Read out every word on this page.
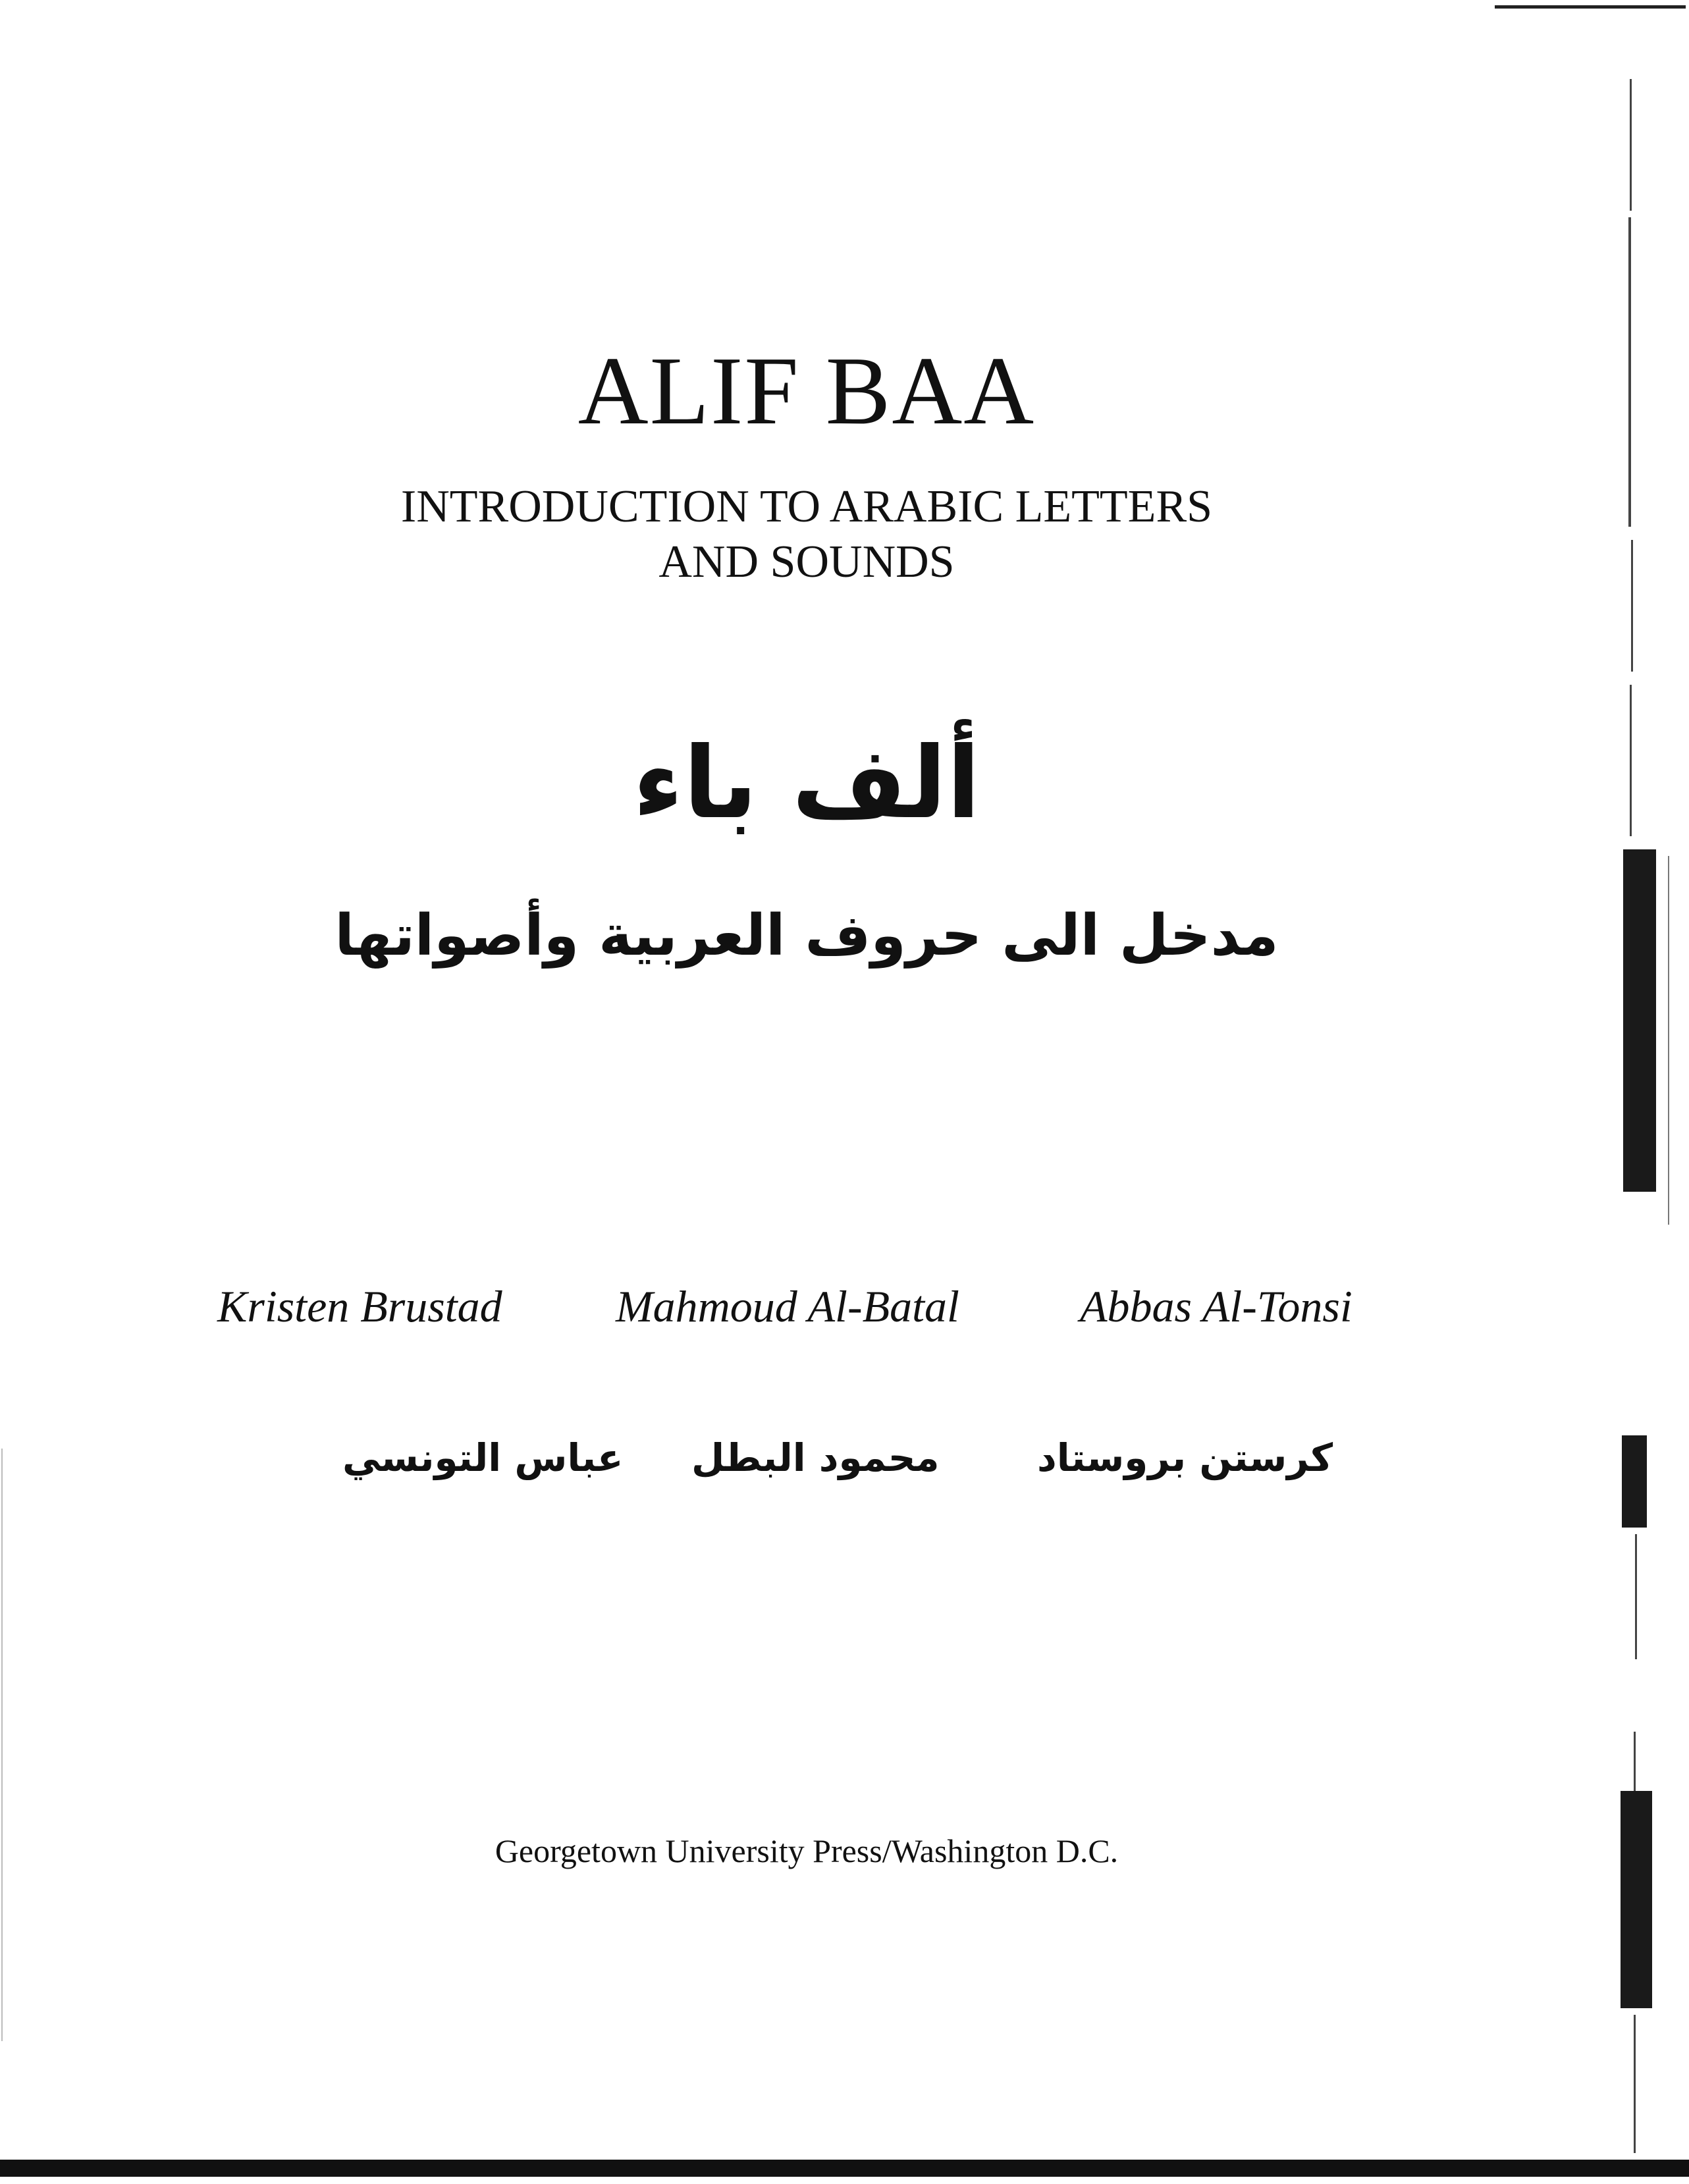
ALIF BAA
INTRODUCTION TO ARABIC LETTERS
AND SOUNDS
ألف باء
مدخل الى حروف العربية وأصواتها
Kristen Brustad	Mahmoud Al-Batal	Abbas Al-Tonsi
كرستن بروستاد
محمود البطل
عباس التونسي
Georgetown University Press/Washington D.C.
